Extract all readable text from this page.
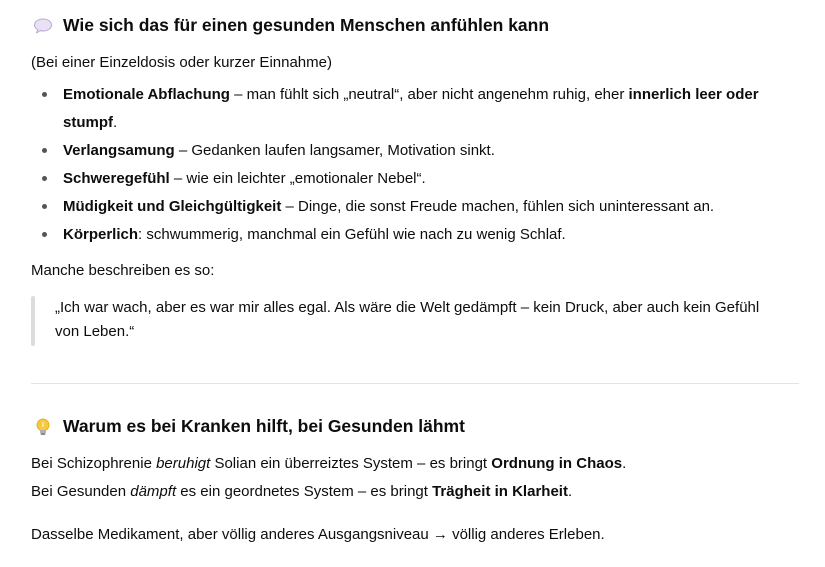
Wie sich das für einen gesunden Menschen anfühlen kann

(Bei einer Einzeldosis oder kurzer Einnahme)

Emotionale Abflachung – man fühlt sich „neutral“, aber nicht angenehm ruhig, eher innerlich leer oder
stumpf.
Verlangsamung – Gedanken laufen langsamer, Motivation sinkt.
Schweregefühl – wie ein leichter „emotionaler Nebel“.
Müdigkeit und Gleichgültigkeit – Dinge, die sonst Freude machen, fühlen sich uninteressant an.
Körperlich: schwummerig, manchmal ein Gefühl wie nach zu wenig Schlaf.

Manche beschreiben es so:

„Ich war wach, aber es war mir alles egal. Als wäre die Welt gedämpft – kein Druck, aber auch kein Gefühl

von Leben.“

Warum es bei Kranken hilft, bei Gesunden lähmt

Bei Schizophrenie beruhigt Solian ein überreiztes System – es bringt Ordnung in Chaos.

Bei Gesunden dämpft es ein geordnetes System – es bringt Trägheit in Klarheit.

Dasselbe Medikament, aber völlig anderes Ausgangsniveau → völlig anderes Erleben.
